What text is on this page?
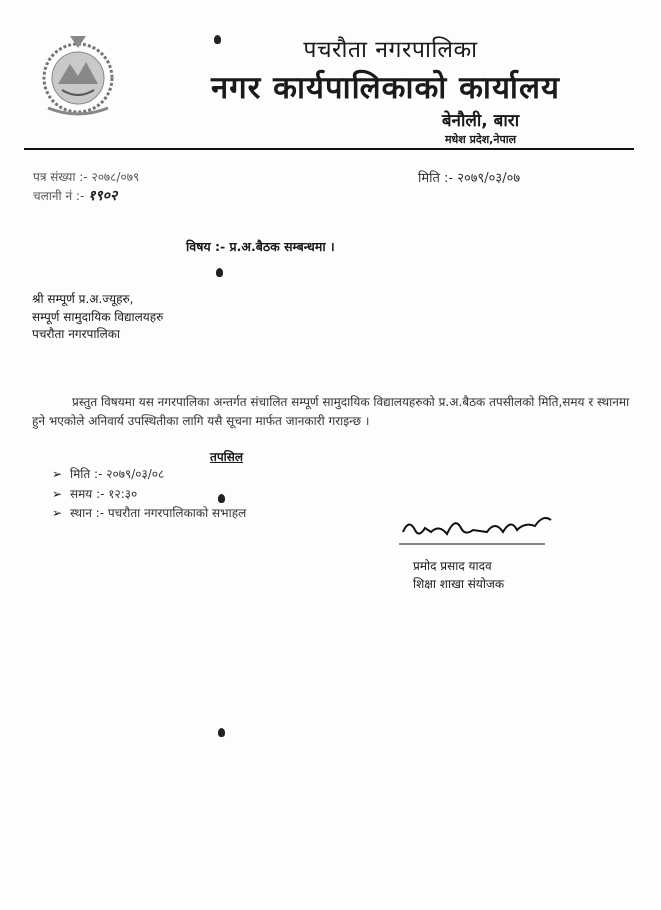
पचरौता नगरपालिका
नगर कार्यपालिकाको कार्यालय
बेनौली, बारा
मधेश प्रदेश,नेपाल
पत्र संख्या :- २०७८/०७९
चलानी नं :- १९०२
मिति :- २०७९/०३/०७
विषय :- प्र.अ.बैठक सम्बन्धमा ।
श्री सम्पूर्ण प्र.अ.ज्यूहरु,
सम्पूर्ण सामुदायिक विद्यालयहरु
पचरौता नगरपालिका
प्रस्तुत विषयमा यस नगरपालिका अन्तर्गत संचालित सम्पूर्ण सामुदायिक विद्यालयहरुको प्र.अ.बैठक तपसीलको मिति,समय र स्थानमा हुने भएकोले अनिवार्य उपस्थितीका लागि यसै सूचना मार्फत जानकारी गराइन्छ ।
तपसिल
➢ मिति :- २०७९/०३/०८
➢ समय :- १२:३०
➢ स्थान :- पचरौता नगरपालिकाको सभाहल
प्रमोद प्रसाद यादव
शिक्षा शाखा संयोजक
